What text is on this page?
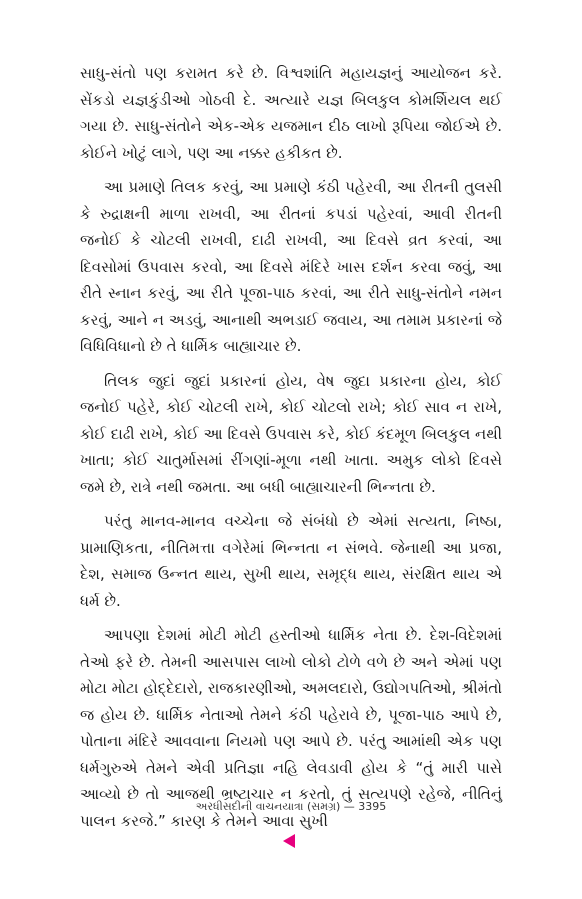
સાધુ-સંતો પણ કરામત કરે છે. વિશ્વશાંતિ મહાયજ્ઞનું આયોજન કરે. સેંકડો યજ્ઞકુંડીઓ ગોઠવી દે. અત્યારે યજ્ઞ બિલકુલ કોમર્શિયલ થઈ ગયા છે. સાધુ-સંતોને એક-એક યજમાન દીઠ લાખો રૂપિયા જોઈએ છે. કોઈને ખોટું લાગે, પણ આ નક્કર હકીકત છે.

આ પ્રમાણે તિલક કરવું, આ પ્રમાણે કંઠી પહેરવી, આ રીતની તુલસી કે રુદ્રાક્ષની માળા રાખવી, આ રીતનાં કપડાં પહેરવાં, આવી રીતની જનોઈ કે ચોટલી રાખવી, દાઢી રાખવી, આ દિવસે વ્રત કરવાં, આ દિવસોમાં ઉપવાસ કરવો, આ દિવસે મંદિરે ખાસ દર્શન કરવા જવું, આ રીતે સ્નાન કરવું, આ રીતે પૂજા-પાઠ કરવાં, આ રીતે સાધુ-સંતોને નમન કરવું, આને ન અડવું, આનાથી અભડાઈ જવાય, આ તમામ પ્રકારનાં જે વિધિવિધાનો છે તે ધાર્મિક બાહ્યાચાર છે.

તિલક જુદાં જુદાં પ્રકારનાં હોય, વેષ જુદા પ્રકારના હોય, કોઈ જનોઈ પહેરે, કોઈ ચોટલી રાખે, કોઈ ચોટલો રાખે; કોઈ સાવ ન રાખે, કોઈ દાઢી રાખે, કોઈ આ દિવસે ઉપવાસ કરે, કોઈ કંદમૂળ બિલકુલ નથી ખાતા; કોઈ ચાતુર્માસમાં રીંગણાં-મૂળા નથી ખાતા. અમુક લોકો દિવસે જમે છે, રાત્રે નથી જમતા. આ બધી બાહ્યાચારની ભિન્નતા છે.

પરંતુ માનવ-માનવ વચ્ચેના જે સંબંધો છે એમાં સત્યતા, નિષ્ઠા, પ્રામાણિકતા, નીતિમત્તા વગેરેમાં ભિન્નતા ન સંભવે. જેનાથી આ પ્રજા, દેશ, સમાજ ઉન્નત થાય, સુખી થાય, સમૃદ્ધ થાય, સંરક્ષિત થાય એ ધર્મ છે.

આપણા દેશમાં મોટી મોટી હસ્તીઓ ધાર્મિક નેતા છે. દેશ-વિદેશમાં તેઓ ફરે છે. તેમની આસપાસ લાખો લોકો ટોળે વળે છે અને એમાં પણ મોટા મોટા હોદ્દેદારો, રાજકારણીઓ, અમલદારો, ઉદ્યોગપતિઓ, શ્રીમંતો જ હોય છે. ધાર્મિક નેતાઓ તેમને કંઠી પહેરાવે છે, પૂજા-પાઠ આપે છે, પોતાના મંદિરે આવવાના નિયમો પણ આપે છે. પરંતુ આમાંથી એક પણ ધર્મગુરુએ તેમને એવી પ્રતિજ્ઞા નહિ લેવડાવી હોય કે “તું મારી પાસે આવ્યો છે તો આજથી ભ્રષ્ટાચાર ન કરતો, તું સત્યપણે રહેજે, નીતિનું પાલન કરજે.” કારણ કે તેમને આવા સુખી

અરધીસદીની વાચનયાત્રા (સમગ્ર) — 3395
